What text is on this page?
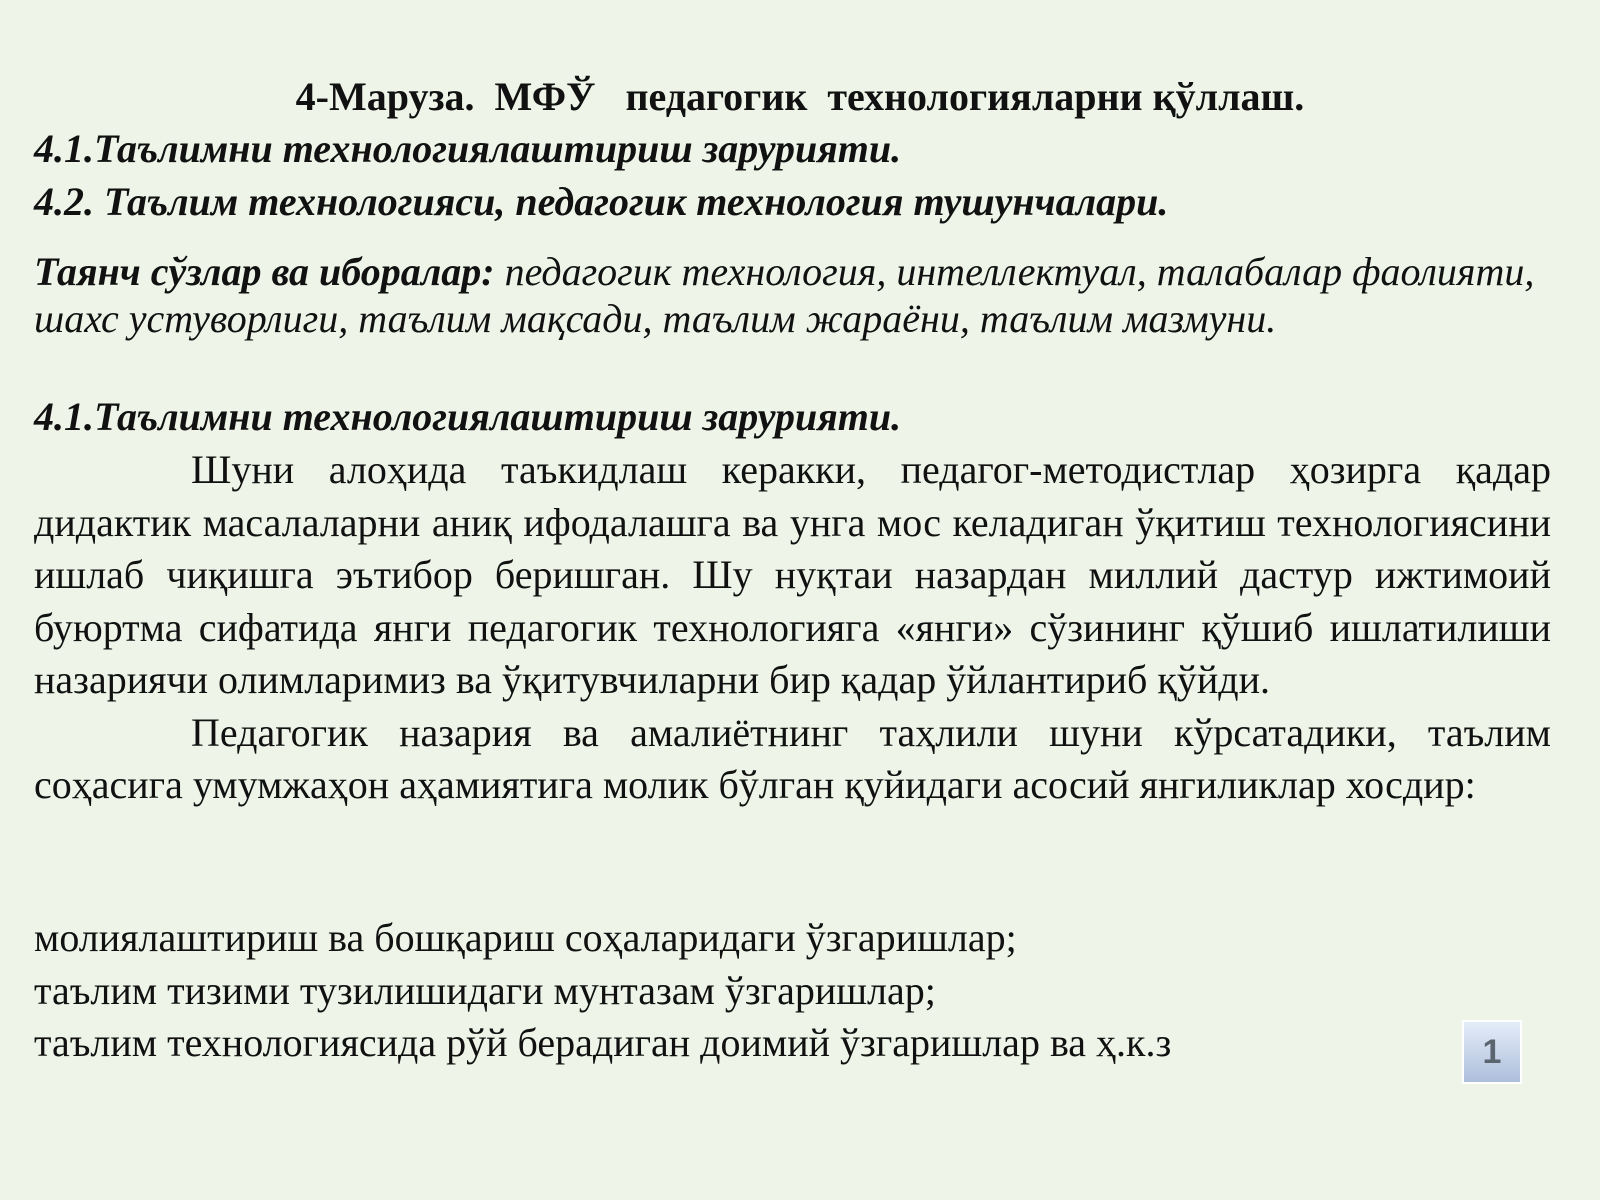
4-Маруза.  МФЎ   педагогик  технологияларни қўллаш.
4.1.Таълимни технологиялаштириш зарурияти.
4.2. Таълим технологияси, педагогик технология тушунчалари.
Таянч сўзлар ва иборалар: педагогик технология, интеллектуал, талабалар фаолияти, шахс устуворлиги, таълим мақсади, таълим жараёни, таълим мазмуни.
4.1.Таълимни технологиялаштириш зарурияти.

Шуни алоҳида таъкидлаш керакки, педагог-методистлар ҳозирга қадар дидактик масалаларни аниқ ифодалашга ва унга мос келадиган ўқитиш технологиясини ишлаб чиқишга эътибор беришган. Шу нуқтаи назардан миллий дастур ижтимоий буюртма сифатида янги педагогик технологияга «янги» сўзининг қўшиб ишлатилиши назариячи олимларимиз ва ўқитувчиларни бир қадар ўйлантириб қўйди.

Педагогик назария ва амалиётнинг таҳлили шуни кўрсатадики, таълим соҳасига умумжаҳон аҳамиятига молик бўлган қуйидаги асосий янгиликлар хосдир:

молиялаштириш ва бошқариш соҳаларидаги ўзгаришлар;
таълим тизими тузилишидаги мунтазам ўзгаришлар;
таълим технологиясида рўй берадиган доимий ўзгаришлар ва ҳ.к.з	1
